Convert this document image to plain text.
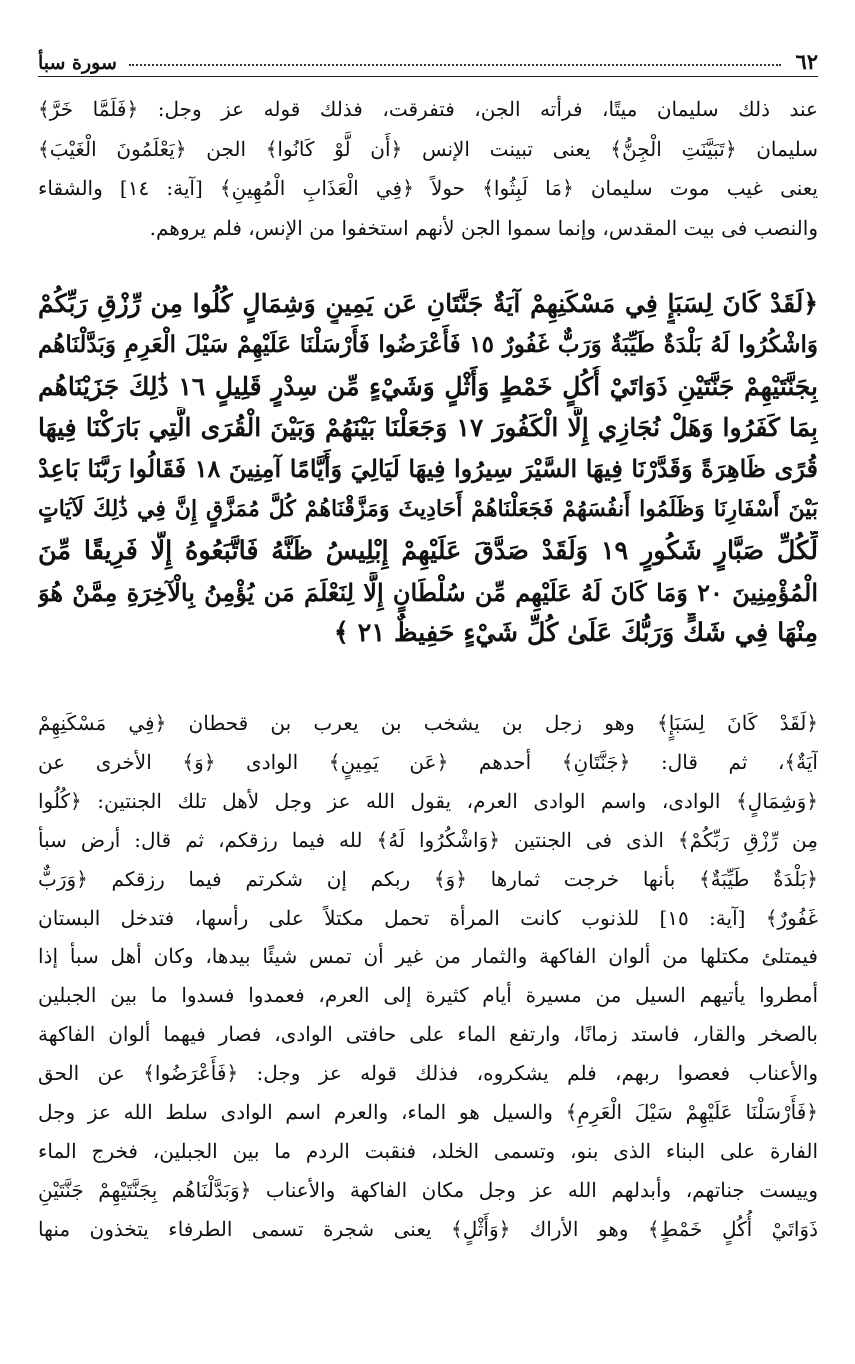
٦٢
سورة سبأ

عند ذلك سليمان ميتًا، فرأته الجن، فتفرقت، فذلك قوله عز وجل: ﴿فَلَمَّا خَرَّ﴾
سليمان ﴿تَبَيَّنَتِ الْجِنُّ﴾ يعنى تبينت الإنس ﴿أَن لَّوْ كَانُوا﴾ الجن ﴿يَعْلَمُونَ الْغَيْبَ﴾
يعنى غيب موت سليمان ﴿مَا لَبِثُوا﴾ حولاً ﴿فِي الْعَذَابِ الْمُهِينِ﴾ [آية: ١٤] والشقاء
والنصب فى بيت المقدس، وإنما سموا الجن لأنهم استخفوا من الإنس، فلم يروهم.

﴿لَقَدْ كَانَ لِسَبَإٍ فِي مَسْكَنِهِمْ آيَةٌ جَنَّتَانِ عَن يَمِينٍ وَشِمَالٍ كُلُوا مِن رِّزْقِ رَبِّكُمْ
وَاشْكُرُوا لَهُ بَلْدَةٌ طَيِّبَةٌ وَرَبٌّ غَفُورٌ ١٥ فَأَعْرَضُوا فَأَرْسَلْنَا عَلَيْهِمْ سَيْلَ الْعَرِمِ وَبَدَّلْنَاهُم
بِجَنَّتَيْهِمْ جَنَّتَيْنِ ذَوَاتَيْ أُكُلٍ خَمْطٍ وَأَثْلٍ وَشَيْءٍ مِّن سِدْرٍ قَلِيلٍ ١٦ ذَٰلِكَ جَزَيْنَاهُم
بِمَا كَفَرُوا وَهَلْ نُجَازِي إِلَّا الْكَفُورَ ١٧ وَجَعَلْنَا بَيْنَهُمْ وَبَيْنَ الْقُرَى الَّتِي بَارَكْنَا فِيهَا
قُرًى ظَاهِرَةً وَقَدَّرْنَا فِيهَا السَّيْرَ سِيرُوا فِيهَا لَيَالِيَ وَأَيَّامًا آمِنِينَ ١٨ فَقَالُوا رَبَّنَا بَاعِدْ
بَيْنَ أَسْفَارِنَا وَظَلَمُوا أَنفُسَهُمْ فَجَعَلْنَاهُمْ أَحَادِيثَ وَمَزَّقْنَاهُمْ كُلَّ مُمَزَّقٍ إِنَّ فِي ذَٰلِكَ لَآيَاتٍ
لِّكُلِّ صَبَّارٍ شَكُورٍ ١٩ وَلَقَدْ صَدَّقَ عَلَيْهِمْ إِبْلِيسُ ظَنَّهُ فَاتَّبَعُوهُ إِلَّا فَرِيقًا مِّنَ
الْمُؤْمِنِينَ ٢٠ وَمَا كَانَ لَهُ عَلَيْهِم مِّن سُلْطَانٍ إِلَّا لِنَعْلَمَ مَن يُؤْمِنُ بِالْآخِرَةِ مِمَّنْ هُوَ
مِنْهَا فِي شَكٍّ وَرَبُّكَ عَلَىٰ كُلِّ شَيْءٍ حَفِيظٌ ٢١ ﴾

﴿لَقَدْ كَانَ لِسَبَإٍ﴾ وهو زجل بن يشخب بن يعرب بن قحطان ﴿فِي مَسْكَنِهِمْ
آيَةٌ﴾، ثم قال: ﴿جَنَّتَانِ﴾ أحدهم ﴿عَن يَمِينٍ﴾ الوادى ﴿وَ﴾ الأخرى عن
﴿وَشِمَالٍ﴾ الوادى، واسم الوادى العرم، يقول الله عز وجل لأهل تلك الجنتين: ﴿كُلُوا
مِن رِّزْقِ رَبِّكُمْ﴾ الذى فى الجنتين ﴿وَاشْكُرُوا لَهُ﴾ لله فيما رزقكم، ثم قال: أرض سبأ
﴿بَلْدَةٌ طَيِّبَةٌ﴾ بأنها خرجت ثمارها ﴿وَ﴾ ربكم إن شكرتم فيما رزقكم ﴿وَرَبٌّ
غَفُورٌ﴾ [آية: ١٥] للذنوب كانت المرأة تحمل مكتلاً على رأسها، فتدخل البستان
فيمتلئ مكتلها من ألوان الفاكهة والثمار من غير أن تمس شيئًا بيدها، وكان أهل سبأ إذا
أمطروا يأتيهم السيل من مسيرة أيام كثيرة إلى العرم، فعمدوا فسدوا ما بين الجبلين
بالصخر والقار، فاستد زمانًا، وارتفع الماء على حافتى الوادى، فصار فيهما ألوان الفاكهة
والأعناب فعصوا ربهم، فلم يشكروه، فذلك قوله عز وجل: ﴿فَأَعْرَضُوا﴾ عن الحق
﴿فَأَرْسَلْنَا عَلَيْهِمْ سَيْلَ الْعَرِمِ﴾ والسيل هو الماء، والعرم اسم الوادى سلط الله عز وجل
الفارة على البناء الذى بنو، وتسمى الخلد، فنقبت الردم ما بين الجبلين، فخرج الماء
وييست جناتهم، وأبدلهم الله عز وجل مكان الفاكهة والأعناب ﴿وَبَدَّلْنَاهُم بِجَنَّتَيْهِمْ جَنَّتَيْنِ
ذَوَاتَيْ أُكُلٍ خَمْطٍ﴾ وهو الأراك ﴿وَأَثْلٍ﴾ يعنى شجرة تسمى الطرفاء يتخذون منها
